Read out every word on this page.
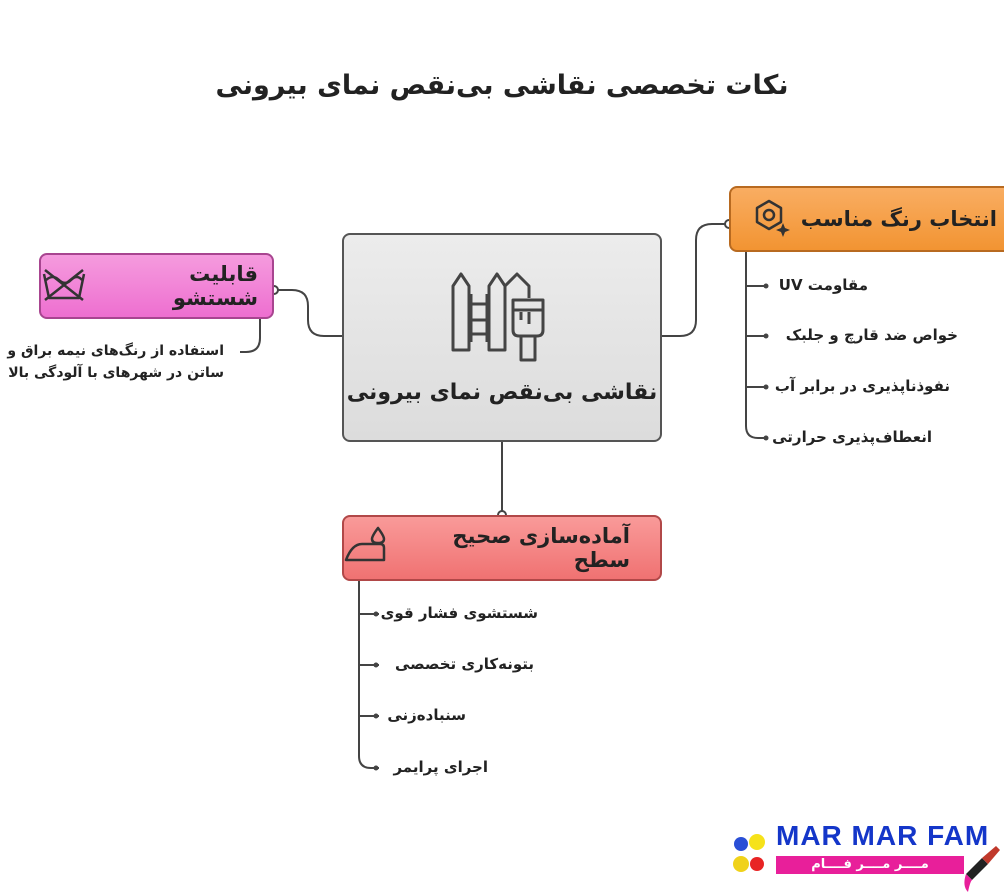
نکات تخصصی نقاشی بی‌نقص نمای بیرونی
نقاشی بی‌نقص نمای بیرونی
انتخاب رنگ مناسب
قابلیت شستشو
استفاده از رنگ‌های نیمه براق و ساتن در شهرهای با آلودگی بالا
آماده‌سازی صحیح سطح
مقاومت UV
خواص ضد قارچ و جلبک
نفوذناپذیری در برابر آب
انعطاف‌پذیری حرارتی
شستشوی فشار قوی
بتونه‌کاری تخصصی
سنباده‌زنی
اجرای پرایمر
MAR MAR FAM
مــــر مــــر فــــام
